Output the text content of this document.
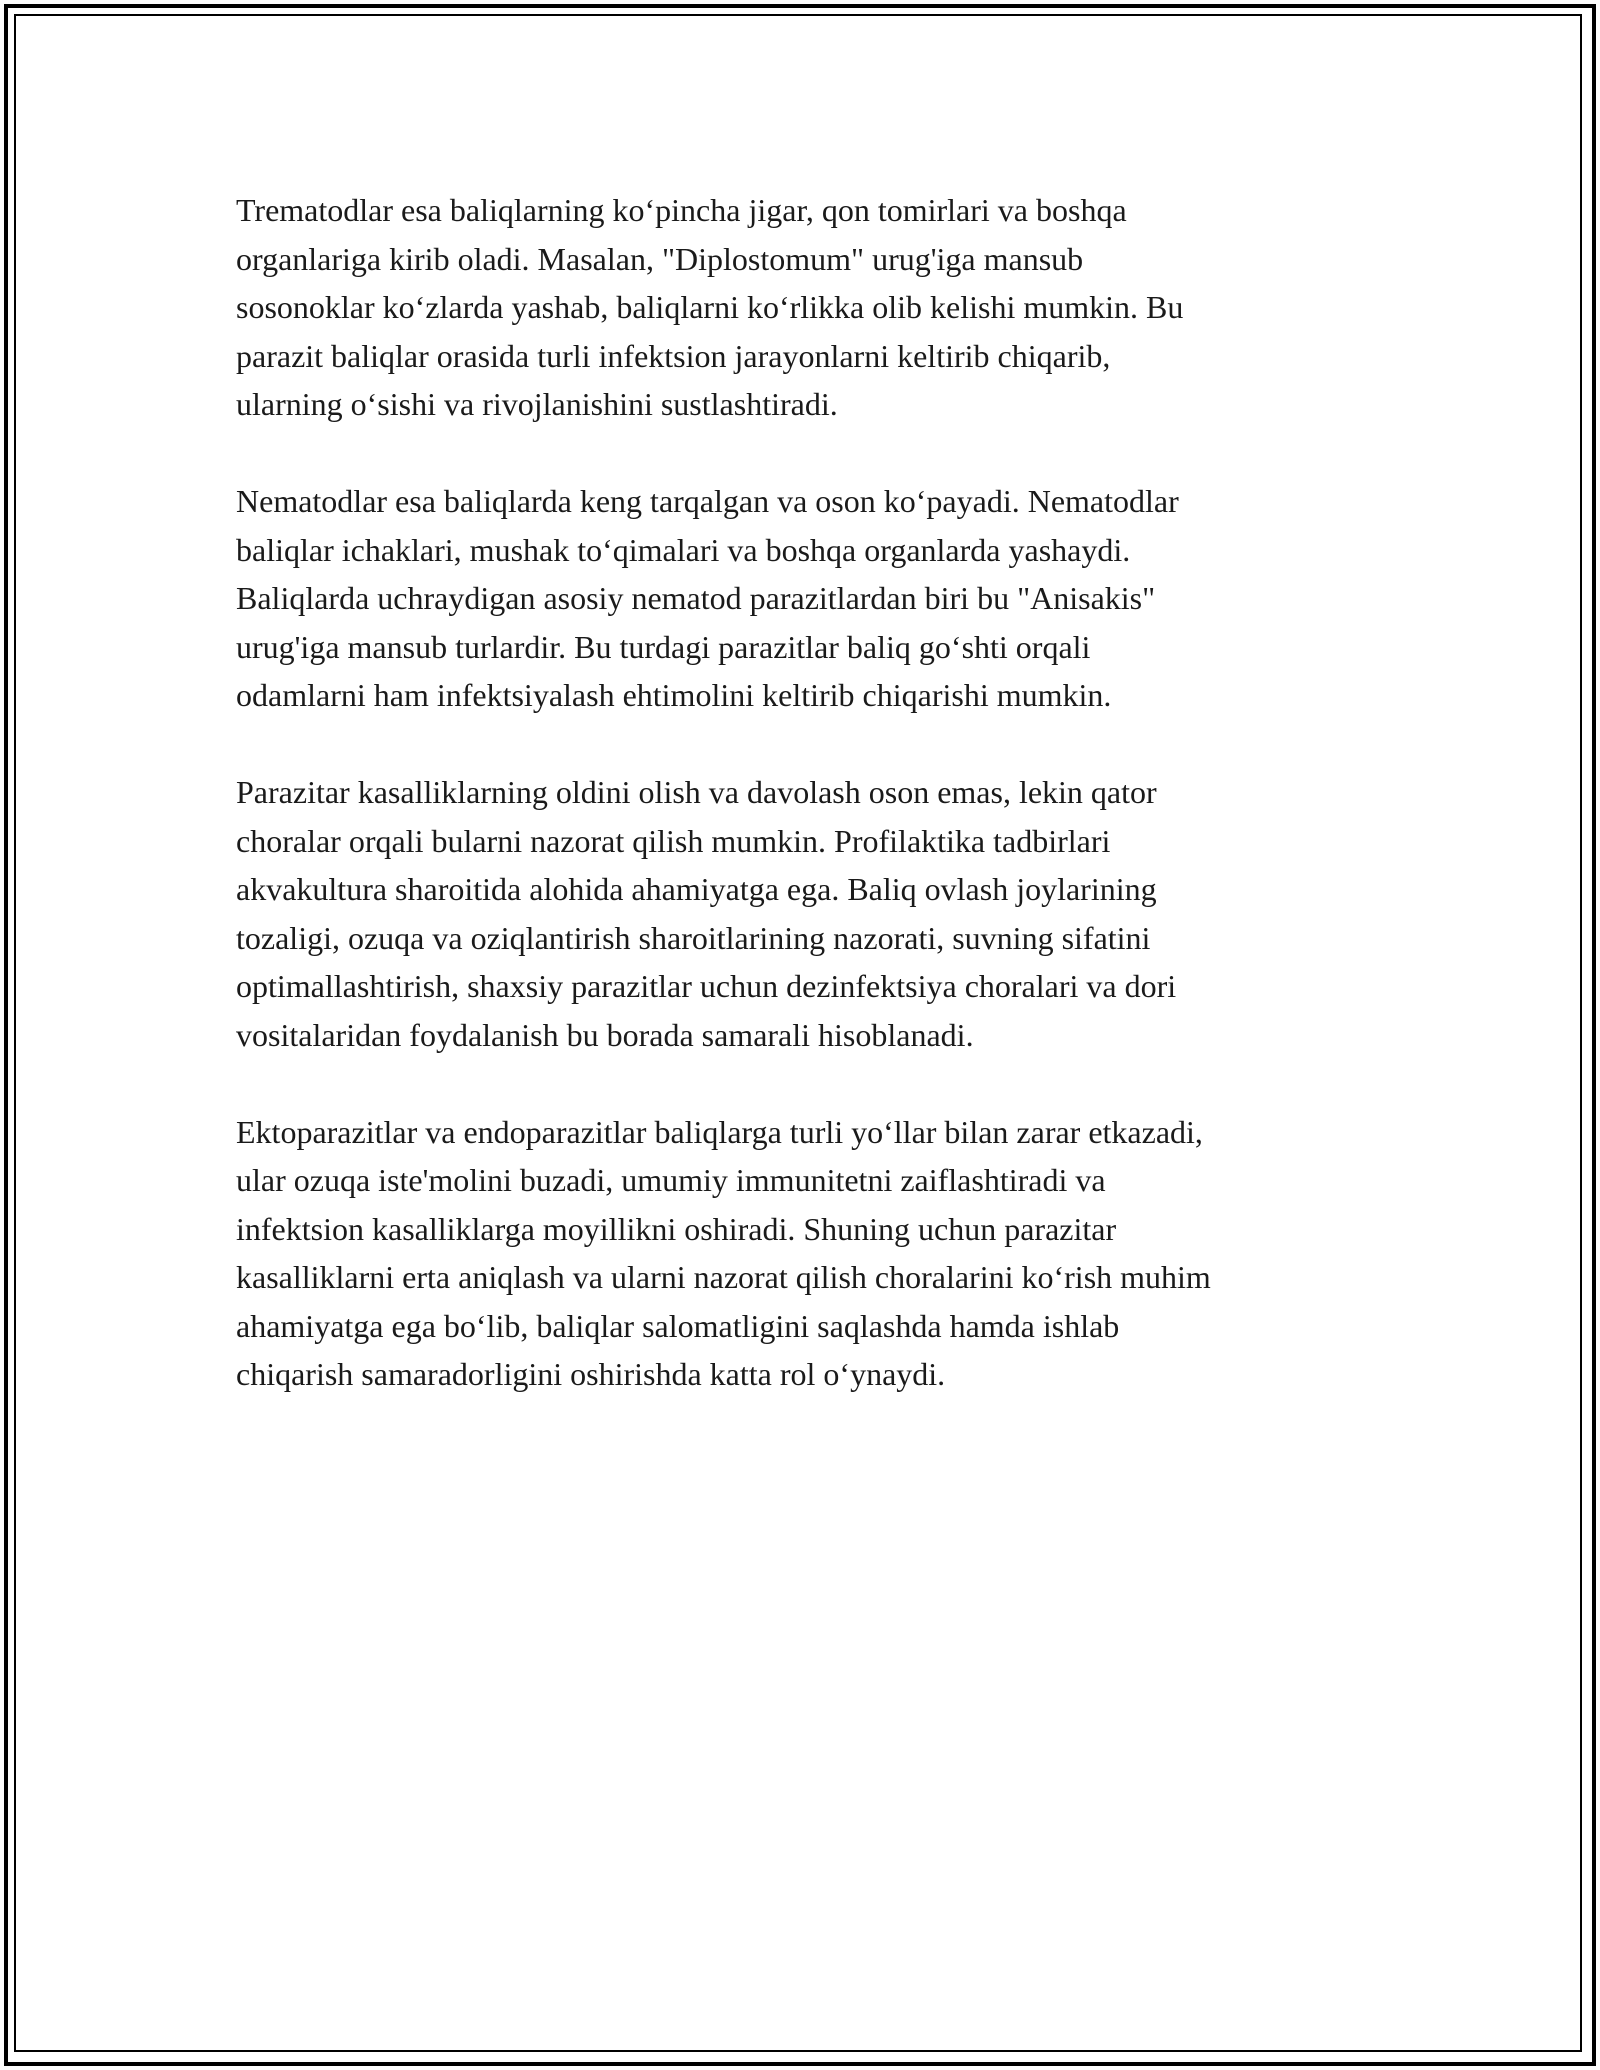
Trematodlar esa baliqlarning ko‘pincha jigar, qon tomirlari va boshqa
organlariga kirib oladi. Masalan, "Diplostomum" urug'iga mansub
sosonoklar ko‘zlarda yashab, baliqlarni ko‘rlikka olib kelishi mumkin. Bu
parazit baliqlar orasida turli infektsion jarayonlarni keltirib chiqarib,
ularning o‘sishi va rivojlanishini sustlashtiradi.

Nematodlar esa baliqlarda keng tarqalgan va oson ko‘payadi. Nematodlar
baliqlar ichaklari, mushak to‘qimalari va boshqa organlarda yashaydi.
Baliqlarda uchraydigan asosiy nematod parazitlardan biri bu "Anisakis"
urug'iga mansub turlardir. Bu turdagi parazitlar baliq go‘shti orqali
odamlarni ham infektsiyalash ehtimolini keltirib chiqarishi mumkin.

Parazitar kasalliklarning oldini olish va davolash oson emas, lekin qator
choralar orqali bularni nazorat qilish mumkin. Profilaktika tadbirlari
akvakultura sharoitida alohida ahamiyatga ega. Baliq ovlash joylarining
tozaligi, ozuqa va oziqlantirish sharoitlarining nazorati, suvning sifatini
optimallashtirish, shaxsiy parazitlar uchun dezinfektsiya choralari va dori
vositalaridan foydalanish bu borada samarali hisoblanadi.

Ektoparazitlar va endoparazitlar baliqlarga turli yo‘llar bilan zarar etkazadi,
ular ozuqa iste'molini buzadi, umumiy immunitetni zaiflashtiradi va
infektsion kasalliklarga moyillikni oshiradi. Shuning uchun parazitar
kasalliklarni erta aniqlash va ularni nazorat qilish choralarini ko‘rish muhim
ahamiyatga ega bo‘lib, baliqlar salomatligini saqlashda hamda ishlab
chiqarish samaradorligini oshirishda katta rol o‘ynaydi.
